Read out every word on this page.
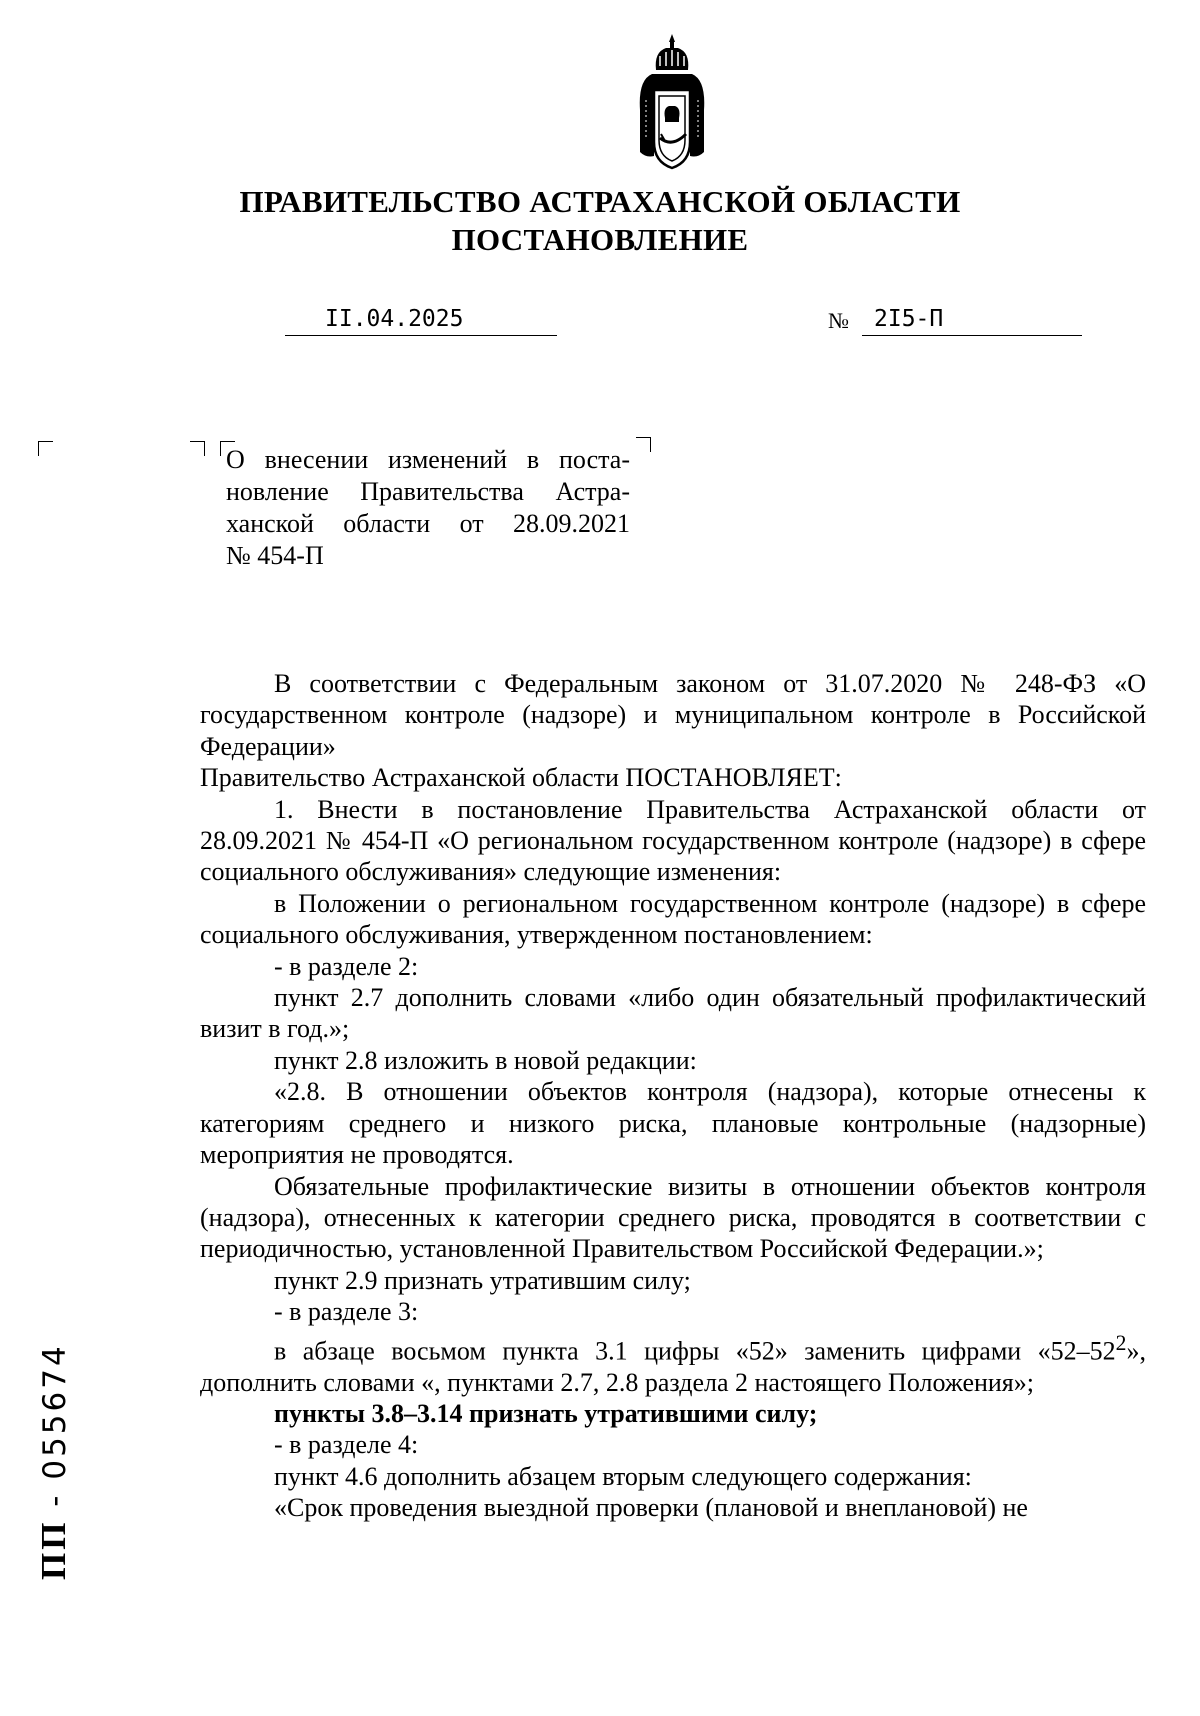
ПРАВИТЕЛЬСТВО АСТРАХАНСКОЙ ОБЛАСТИ
ПОСТАНОВЛЕНИЕ
II.04.2025	№	2I5-П
О внесении изменений в поста-
новление Правительства Астра-
ханской области от 28.09.2021
№ 454-П

В соответствии с Федеральным законом от 31.07.2020 № 248-ФЗ «О государственном контроле (надзоре) и муниципальном контроле в Российской Федерации»

Правительство Астраханской области ПОСТАНОВЛЯЕТ:

1. Внести в постановление Правительства Астраханской области от 28.09.2021 № 454-П «О региональном государственном контроле (надзоре) в сфере социального обслуживания» следующие изменения:

в Положении о региональном государственном контроле (надзоре) в сфере социального обслуживания, утвержденном постановлением:

- в разделе 2:

пункт 2.7 дополнить словами «либо один обязательный профилактический визит в год.»;

пункт 2.8 изложить в новой редакции:

«2.8. В отношении объектов контроля (надзора), которые отнесены к категориям среднего и низкого риска, плановые контрольные (надзорные) мероприятия не проводятся.

Обязательные профилактические визиты в отношении объектов контроля (надзора), отнесенных к категории среднего риска, проводятся в соответствии с периодичностью, установленной Правительством Российской Федерации.»;

пункт 2.9 признать утратившим силу;

- в разделе 3:

в абзаце восьмом пункта 3.1 цифры «52» заменить цифрами «$52-52^2$», дополнить словами «, пунктами 2.7, 2.8 раздела 2 настоящего Положения»;

пункты 3.8–3.14 признать утратившими силу;

- в разделе 4:

пункт 4.6 дополнить абзацем вторым следующего содержания:

«Срок проведения выездной проверки (плановой и внеплановой) не

ПП - 055674
